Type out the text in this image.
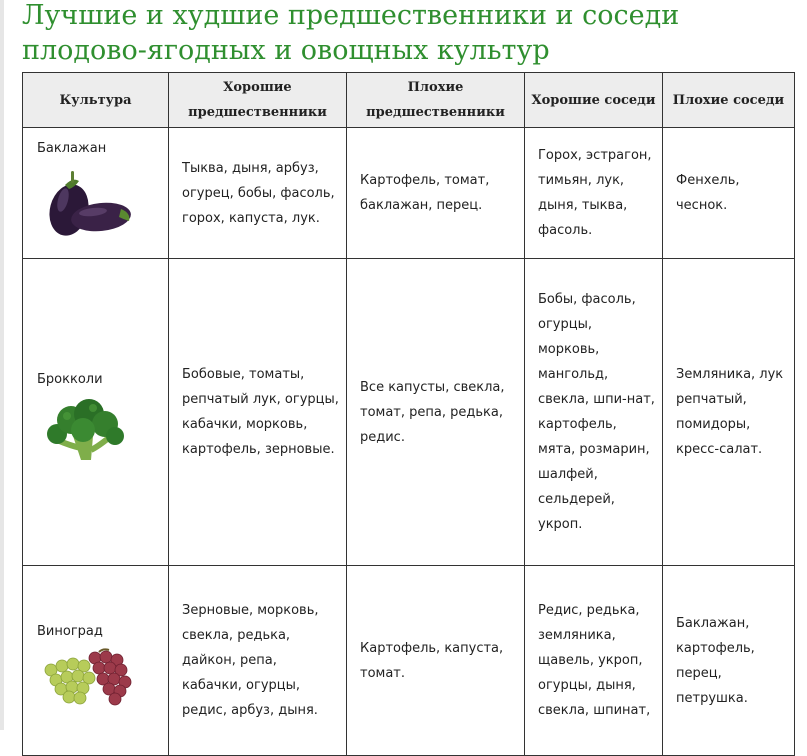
Лучшие и худшие предшественники и соседи плодово-ягодных и овощных культур
Культура	Хорошие предшественники	Плохие предшественники	Хорошие соседи	Плохие соседи

Баклажан	Тыква, дыня, арбуз, огурец, бобы, фасоль, горох, капуста, лук.	Картофель, томат, баклажан, перец.	Горох, эстрагон, тимьян, лук, дыня, тыква, фасоль.	Фенхель, чеснок.

Брокколи	Бобовые, томаты, репчатый лук, огурцы, кабачки, морковь, картофель, зерновые.	Все капусты, свекла, томат, репа, редька, редис.	Бобы, фасоль, огурцы, морковь, мангольд, свекла, шпи-нат, картофель, мята, розмарин, шалфей, сельдерей, укроп.	Земляника, лук репчатый, помидоры, кресс-салат.

Виноград	Зерновые, морковь, свекла, редька, дайкон, репа, кабачки, огурцы, редис, арбуз, дыня.	Картофель, капуста, томат.	Редис, редька, земляника, щавель, укроп, огурцы, дыня, свекла, шпинат,	Баклажан, картофель, перец, петрушка.
